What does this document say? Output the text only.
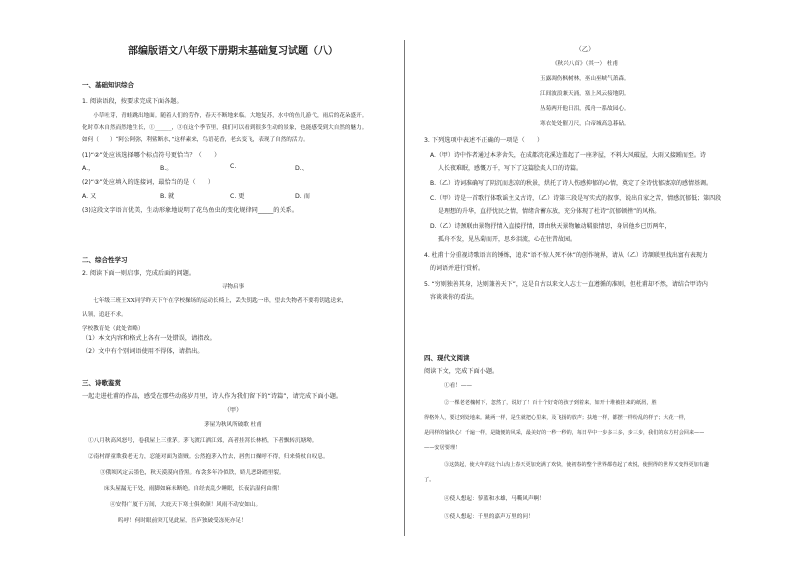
部编版语文八年级下册期末基础复习试题（八）
一、基础知识综合
1. 阅读语段，按要求完成下面各题。
　　小草吐芽，青蛙跳出地面。随着人们的劳作，春天不断地来临。大地复苏，水中的鱼儿游弋，雨后的花朵盛开。
化时草木自然而然地生长，①______，③在这个季节里，我们可以看到很多生动的景象，也能感受到大自然的魅力。
如何（　　）“阿公阿弥，利鲨断水，”这样素来，鸟语花香，老幺变飞，表现了自然的活力。
(1)“②”处应该选择哪个标点符号更恰当？（　　）
A.，	B.。	C.	D.、
(2)“③”处应填入的连接词，最恰当的是（　　）
A. 又	B. 就	C. 更	D. 而
(3)这段文字语言优美，生动形象地说明了花鸟鱼虫的变化规律同_____的关系。
二、综合性学习
2. 阅读下面一则启事，完成后面的问题。
寻物启事
　　七年级三班王XX同学昨天下午在学校操场的运动长椅上，丢失钥匙一串，望去失物者不要将钥匙送来，
认领，追赶不求。
学校教育处（此处省略）
（1）本文内容和格式上各有一处错误，请指改。
（2）文中有个别词语使用不得体，请指出。
三、诗歌鉴赏
一起走进杜甫的作品，感受在那些动荡岁月里，诗人作为我们留下的“诗篇”，请完成下面小题。
（甲）
茅屋为秋风所破歌 杜甫
①八月秋高风怒号，卷我屋上三重茅。茅飞渡江洒江郊，高者挂罥长林梢，下者飘转沉塘坳。
②南村群童欺我老无力，忍能对面为盗贼。公然抱茅入竹去，唇焦口燥呼不得，归来倚杖自叹息。
③俄顷风定云墨色，秋天漠漠向昏黑。布衾多年冷似铁，娇儿恶卧踏里裂。
床头屋漏无干处，雨脚如麻未断绝。自经丧乱少睡眠，长夜沾湿何由彻！
④安得广厦千万间，大庇天下寒士俱欢颜！风雨不动安如山。
呜呼！何时眼前突兀见此屋，吾庐独破受冻死亦足！
（乙）
《秋兴八首》（其一） 杜甫
玉露凋伤枫树林，巫山巫峡气萧森。
江间波浪兼天涌，塞上风云接地阴。
丛菊两开他日泪，孤舟一系故园心。
寒衣处处催刀尺，白帝城高急暮砧。
3. 下列选项中表述不正确的一项是（　　）
A.（甲）诗中作者通过本茅舍失，在成都浣花溪边盖起了一座茅屋，不料大风破屋，大雨又接踵而至。诗
人长夜难眠，感慨万千，写下了这篇脍炙人口的诗篇。
B.（乙）诗词准确写了阴沉而悲凉的秋景，烘托了诗人伤感抑郁的心情，奠定了全诗忧郁凄凉的感情基调。
C.（甲）诗是一首歌行体歌谣主义古诗，（乙）诗第三段是写实式的叙事，说出自家之苦，情感沉郁低；第四段
是理想的升华，直抒忧民之情，情绪含蓄东放，充分体现了杜诗“沉郁顿挫”的风格。
D.（乙）诗颈联由景物抒情入直接抒情，即由秋天景物触动羁旅情思，身居他乡已历两年，
孤舟不发，见丛菊而开，思乡泪流，心在往昔故园。
4. 杜甫十分重视诗歌语言的锤炼，追求“语不惊人死不休”的创作境界，请从（乙）诗颔联里找出富有表现力
的词语并进行赏析。
5. “穷则独善其身，达则兼善天下”，这是自古以来文人志士一直遵循的准则，但杜甫却不然，请结合甲诗内
容谈谈你的看法。
四、现代文阅读
阅读下文，完成下面小题。
①看！——
②一棵老老槐树下，忽然了，说好了！百十个好奇的孩子到着来，如开十堆被挂来的纸屑，胜
得格外人，要过到处地来。跳两一样，是生就把心里来，及飞扬的放声；扶地一样，都摆一样纷乱的样子；大花一样，
是同样的愉快心！千遍一样，是随便的风采，最美好的一秒一秒的，每日早中一步多三多，步三步，我们的东方村会回来——
——安居要理！
③这鼓起，使大年的这个山沟上春天更加充满了欢快，使初春的整个世界都卷起了欢悦，使照得的世界又变得更加有趣
了。
④使人想起：蓼蓝和水雄，马嘶风声啊！
⑤使人想起：千里的嘉声万里的问！
